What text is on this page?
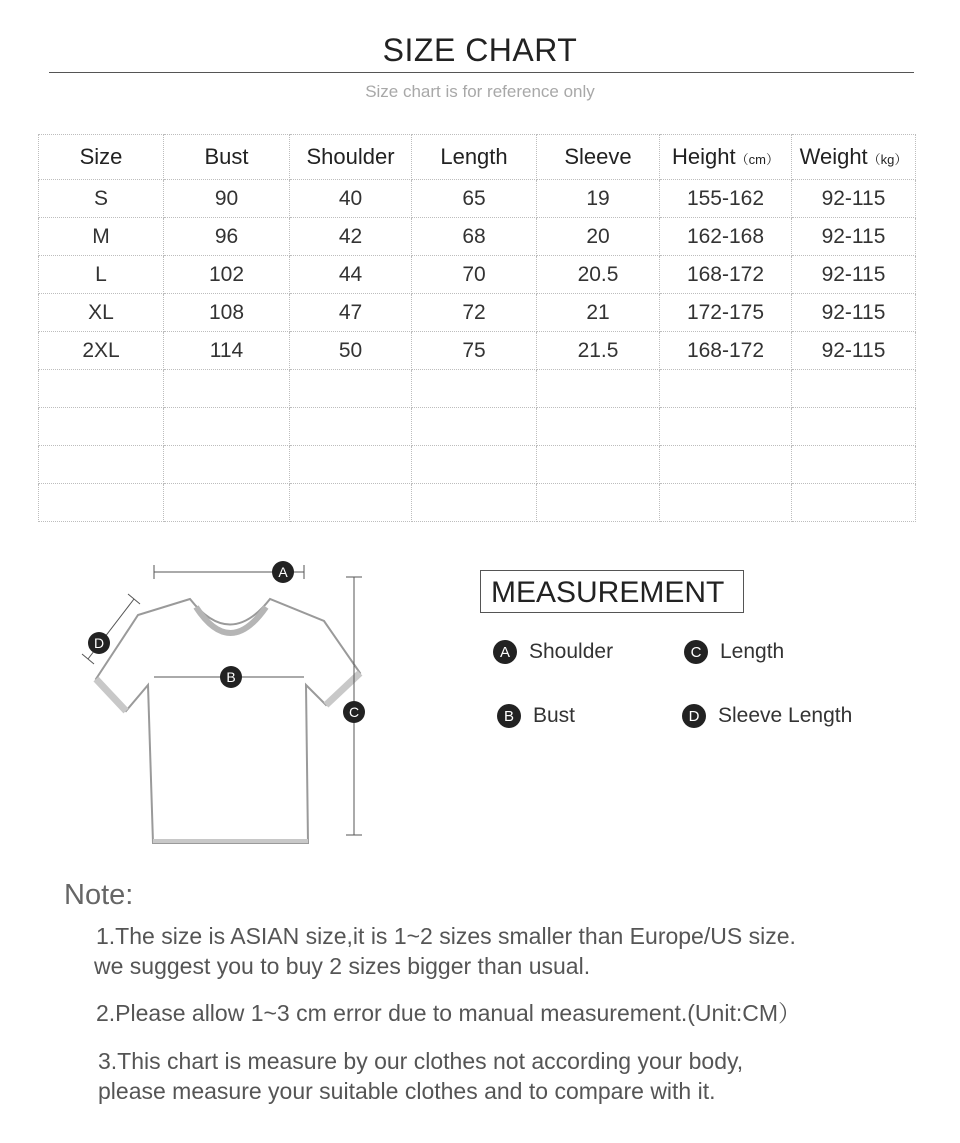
SIZE CHART
Size chart is for reference only
Size	Bust	Shoulder	Length	Sleeve	Height（cm）	Weight（kg）
S	90	40	65	19	155-162	92-115
M	96	42	68	20	162-168	92-115
L	102	44	70	20.5	168-172	92-115
XL	108	47	72	21	172-175	92-115
2XL	114	50	75	21.5	168-172	92-115

A
B
C
D
MEASUREMENT
A Shoulder	C Length
B Bust	D Sleeve Length
Note:
1.The size is ASIAN size,it is 1~2 sizes smaller than Europe/US size.
we suggest you to buy 2 sizes bigger than usual.
2.Please allow 1~3 cm error due to manual measurement.(Unit:CM）
3.This chart is measure by our clothes not according your body,
please measure your suitable clothes and to compare with it.
